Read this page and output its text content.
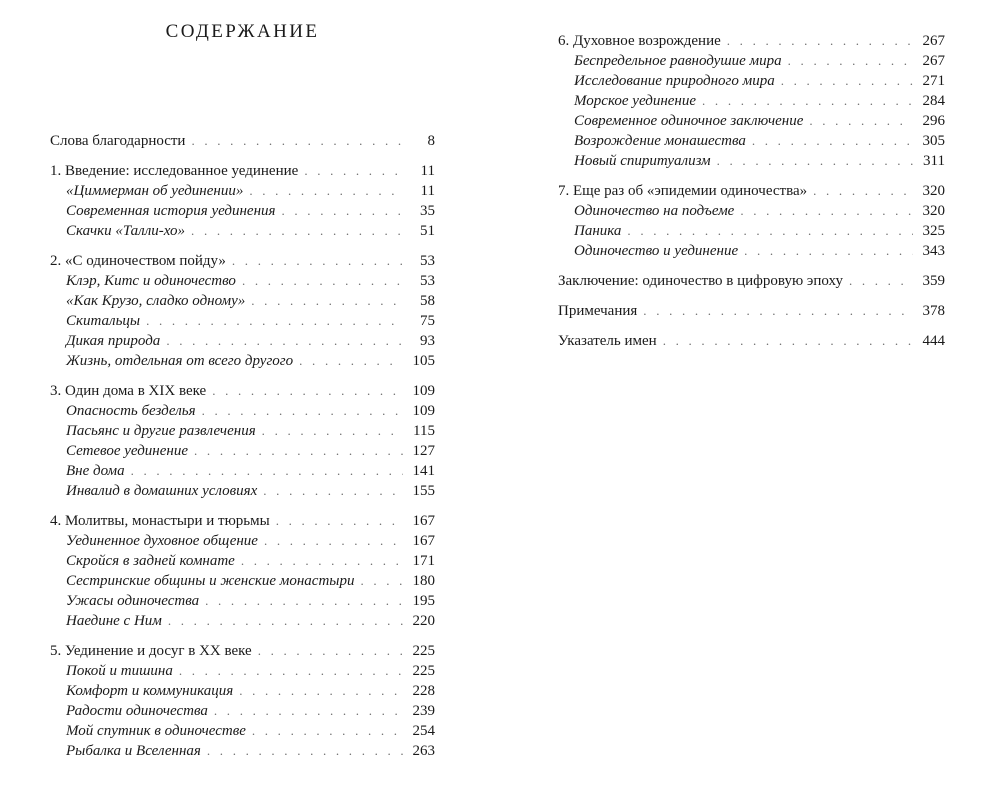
СОДЕРЖАНИЕ
Слова благодарности . . .	8
1. Введение: исследованное уединение . . .	11
«Циммерман об уединении» . . .	11
Современная история уединения . . .	35
Скачки «Талли-хо» . . .	51
2. «С одиночеством пойду» . . .	53
Клэр, Китс и одиночество . . .	53
«Как Крузо, сладко одному» . . .	58
Скитальцы . . .	75
Дикая природа . . .	93
Жизнь, отдельная от всего другого . . .	105
3. Один дома в XIX веке . . .	109
Опасность безделья . . .	109
Пасьянс и другие развлечения . . .	115
Сетевое уединение . . .	127
Вне дома . . .	141
Инвалид в домашних условиях . . .	155
4. Молитвы, монастыри и тюрьмы . . .	167
Уединенное духовное общение . . .	167
Скройся в задней комнате . . .	171
Сестринские общины и женские монастыри . . .	180
Ужасы одиночества . . .	195
Наедине с Ним . . .	220
5. Уединение и досуг в XX веке . . .	225
Покой и тишина . . .	225
Комфорт и коммуникация . . .	228
Радости одиночества . . .	239
Мой спутник в одиночестве . . .	254
Рыбалка и Вселенная . . .	263
6. Духовное возрождение . . .	267
Беспредельное равнодушие мира . . .	267
Исследование природного мира . . .	271
Морское уединение . . .	284
Современное одиночное заключение . . .	296
Возрождение монашества . . .	305
Новый спиритуализм . . .	311
7. Еще раз об «эпидемии одиночества» . . .	320
Одиночество на подъеме . . .	320
Паника . . .	325
Одиночество и уединение . . .	343
Заключение: одиночество в цифровую эпоху . . .	359
Примечания . . .	378
Указатель имен . . .	444
